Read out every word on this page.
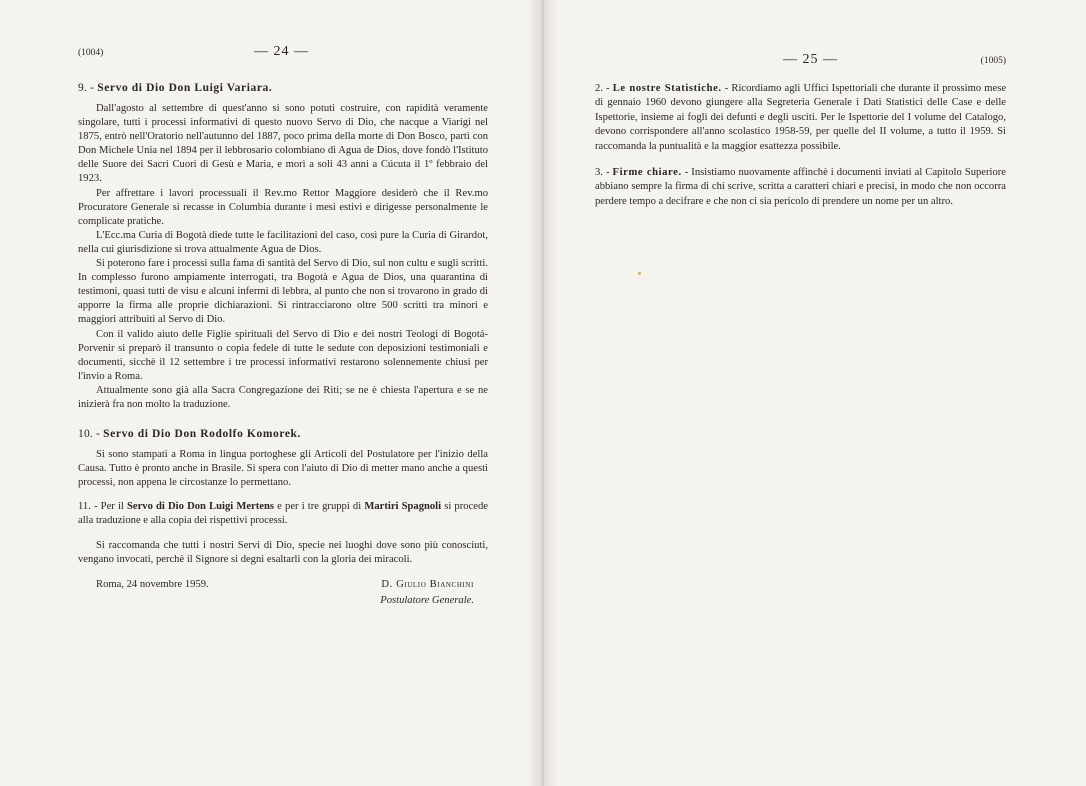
(1004)	— 24 —
9. - Servo di Dio Don Luigi Variara.

Dall'agosto al settembre di quest'anno si sono potuti costruire, con rapidità veramente singolare, tutti i processi informativi di questo nuovo Servo di Dio, che nacque a Viarigi nel 1875, entrò nell'Oratorio nell'autunno del 1887, poco prima della morte di Don Bosco, partì con Don Michele Unia nel 1894 per il lebbrosario colombiano di Agua de Dios, dove fondò l'Istituto delle Suore dei Sacri Cuori di Gesù e Maria, e morì a soli 43 anni a Cúcuta il 1º febbraio del 1923.

Per affrettare i lavori processuali il Rev.mo Rettor Maggiore desiderò che il Rev.mo Procuratore Generale si recasse in Columbia durante i mesi estivi e dirigesse personalmente le complicate pratiche.

L'Ecc.ma Curia di Bogotà diede tutte le facilitazioni del caso, così pure la Curia di Girardot, nella cui giurisdizione si trova attualmente Agua de Dios.

Si poterono fare i processi sulla fama di santità del Servo di Dio, sul non cultu e sugli scritti. In complesso furono ampiamente interrogati, tra Bogotà e Agua de Dios, una quarantina di testimoni, quasi tutti de visu e alcuni infermi di lebbra, al punto che non si trovarono in grado di apporre la firma alle proprie dichiarazioni. Si rintracciarono oltre 500 scritti tra minori e maggiori attribuiti al Servo di Dio.

Con il valido aiuto delle Figlie spirituali del Servo di Dio e dei nostri Teologi di Bogotá-Porvenir si preparò il transunto o copia fedele di tutte le sedute con deposizioni testimoniali e documenti, sicchè il 12 settembre i tre processi informativi restarono solennemente chiusi per l'invio a Roma.

Attualmente sono già alla Sacra Congregazione dei Riti; se ne è chiesta l'apertura e se ne inizierà fra non molto la traduzione.

10. - Servo di Dio Don Rodolfo Komorek.

Si sono stampati a Roma in lingua portoghese gli Articoli del Postulatore per l'inizio della Causa. Tutto è pronto anche in Brasile. Si spera con l'aiuto di Dio di metter mano anche a questi processi, non appena le circostanze lo permettano.

11. - Per il Servo di Dio Don Luigi Mertens e per i tre gruppi di Martiri Spagnoli si procede alla traduzione e alla copia dei rispettivi processi.

Si raccomanda che tutti i nostri Servi di Dio, specie nei luoghi dove sono più conosciuti, vengano invocati, perchè il Signore si degni esaltarli con la gloria dei miracoli.

Roma, 24 novembre 1959.	D. Giulio Bianchini
Postulatore Generale.
— 25 —	(1005)

2. - Le nostre Statistiche. - Ricordiamo agli Uffici Ispettoriali che durante il prossimo mese di gennaio 1960 devono giungere alla Segreteria Generale i Dati Statistici delle Case e delle Ispettorie, insieme ai fogli dei defunti e degli uscìti. Per le Ispettorie del I volume del Catalogo, devono corrispondere all'anno scolastico 1958-59, per quelle del II volume, a tutto il 1959. Si raccomanda la puntualità e la maggior esattezza possibile.

3. - Firme chiare. - Insistiamo nuovamente affinchè i documenti inviati al Capitolo Superiore abbiano sempre la firma di chi scrive, scritta a caratteri chiari e precisi, in modo che non occorra perdere tempo a decifrare e che non ci sia pericolo di prendere un nome per un altro.
